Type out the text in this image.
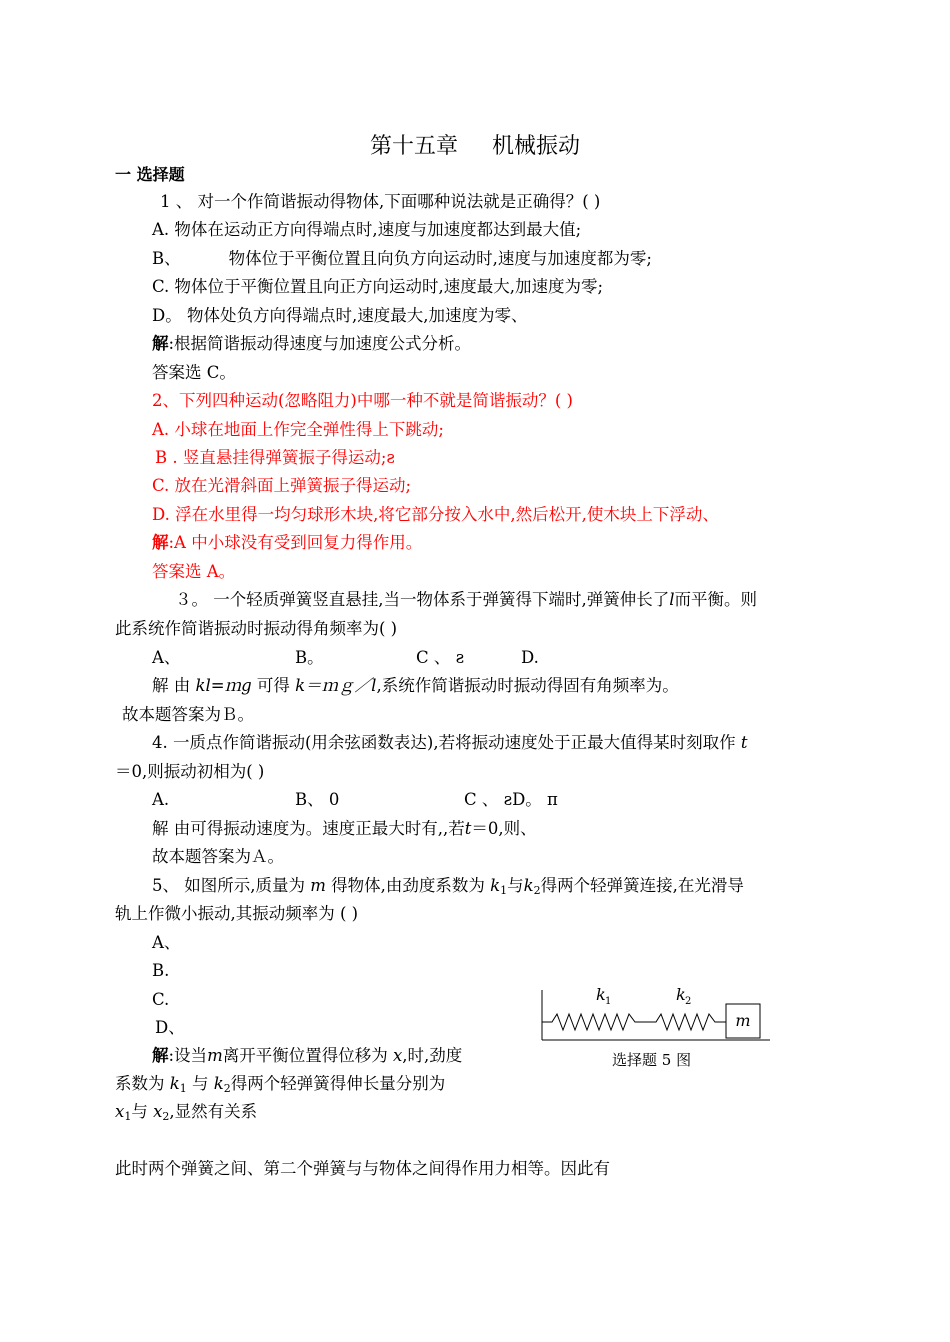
第十五章 机械振动
一 选择题
1 、 对一个作简谐振动得物体,下面哪种说法就是正确得？( )
A. 物体在运动正方向得端点时,速度与加速度都达到最大值;
B、	物体位于平衡位置且向负方向运动时,速度与加速度都为零;
C. 物体位于平衡位置且向正方向运动时,速度最大,加速度为零;
D。 物体处负方向得端点时,速度最大,加速度为零、
解:根据简谐振动得速度与加速度公式分析。
答案选 C。
2、下列四种运动(忽略阻力)中哪一种不就是简谐振动？( )
A. 小球在地面上作完全弹性得上下跳动;
B . 竖直悬挂得弹簧振子得运动;ƨ
C. 放在光滑斜面上弹簧振子得运动;
D. 浮在水里得一均匀球形木块,将它部分按入水中,然后松开,使木块上下浮动、
解:A 中小球没有受到回复力得作用。
答案选 A。
３。 一个轻质弹簧竖直悬挂,当一物体系于弹簧得下端时,弹簧伸长了l而平衡。则
此系统作简谐振动时振动得角频率为( )
A、	B。	C 、 ƨ	D.
解 由 kl=ｍg 可得 k＝ｍｇ／l,系统作简谐振动时振动得固有角频率为。
故本题答案为Ｂ。
4. 一质点作简谐振动(用余弦函数表达),若将振动速度处于正最大值得某时刻取作 t
＝0,则振动初相为( )
A.	B、 0	C 、 ƨD。 π
解 由可得振动速度为。速度正最大时有,,若t＝0,则、
故本题答案为Ａ。
5、 如图所示,质量为 m 得物体,由劲度系数为 $k_1$与$k_2$得两个轻弹簧连接,在光滑导
轨上作微小振动,其振动频率为 ( )
A、
B.
C.
D、
解:设当m离开平衡位置得位移为 x,时,劲度
系数为 $k_1$ 与 $k_2$得两个轻弹簧得伸长量分别为
$x_1$与 $x_2$,显然有关系
m
k 1	k 2
选择题 5 图
此时两个弹簧之间、第二个弹簧与与物体之间得作用力相等。因此有
